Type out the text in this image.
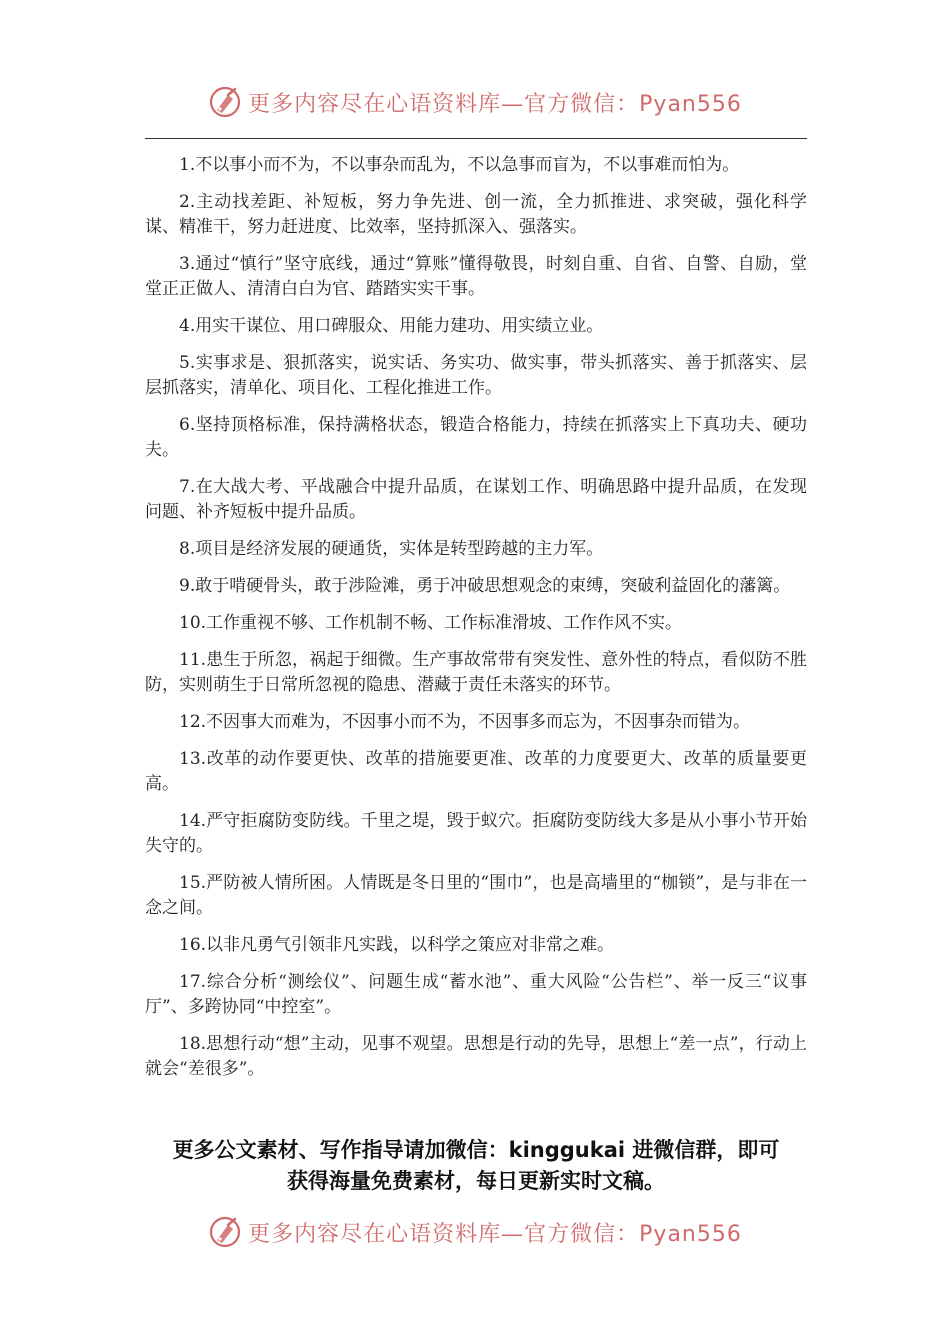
更多内容尽在心语资料库—官方微信：Pyan556

1.不以事小而不为，不以事杂而乱为，不以急事而盲为，不以事难而怕为。

2.主动找差距、补短板，努力争先进、创一流，全力抓推进、求突破，强化科学谋、精准干，努力赶进度、比效率，坚持抓深入、强落实。

3.通过“慎行”坚守底线，通过“算账”懂得敬畏，时刻自重、自省、自警、自励，堂堂正正做人、清清白白为官、踏踏实实干事。

4.用实干谋位、用口碑服众、用能力建功、用实绩立业。

5.实事求是、狠抓落实，说实话、务实功、做实事，带头抓落实、善于抓落实、层层抓落实，清单化、项目化、工程化推进工作。

6.坚持顶格标准，保持满格状态，锻造合格能力，持续在抓落实上下真功夫、硬功夫。

7.在大战大考、平战融合中提升品质，在谋划工作、明确思路中提升品质，在发现问题、补齐短板中提升品质。

8.项目是经济发展的硬通货，实体是转型跨越的主力军。

9.敢于啃硬骨头，敢于涉险滩，勇于冲破思想观念的束缚，突破利益固化的藩篱。

10.工作重视不够、工作机制不畅、工作标准滑坡、工作作风不实。

11.患生于所忽，祸起于细微。生产事故常带有突发性、意外性的特点，看似防不胜防，实则萌生于日常所忽视的隐患、潜藏于责任未落实的环节。

12.不因事大而难为，不因事小而不为，不因事多而忘为，不因事杂而错为。

13.改革的动作要更快、改革的措施要更准、改革的力度要更大、改革的质量要更高。

14.严守拒腐防变防线。千里之堤，毁于蚁穴。拒腐防变防线大多是从小事小节开始失守的。

15.严防被人情所困。人情既是冬日里的“围巾”，也是高墙里的“枷锁”，是与非在一念之间。

16.以非凡勇气引领非凡实践，以科学之策应对非常之难。

17.综合分析“测绘仪”、问题生成“蓄水池”、重大风险“公告栏”、举一反三“议事厅”、多跨协同“中控室”。

18.思想行动“想”主动，见事不观望。思想是行动的先导，思想上“差一点”，行动上就会“差很多”。

更多公文素材、写作指导请加微信：kinggukai 进微信群，即可
获得海量免费素材，每日更新实时文稿。
更多内容尽在心语资料库—官方微信：Pyan556
